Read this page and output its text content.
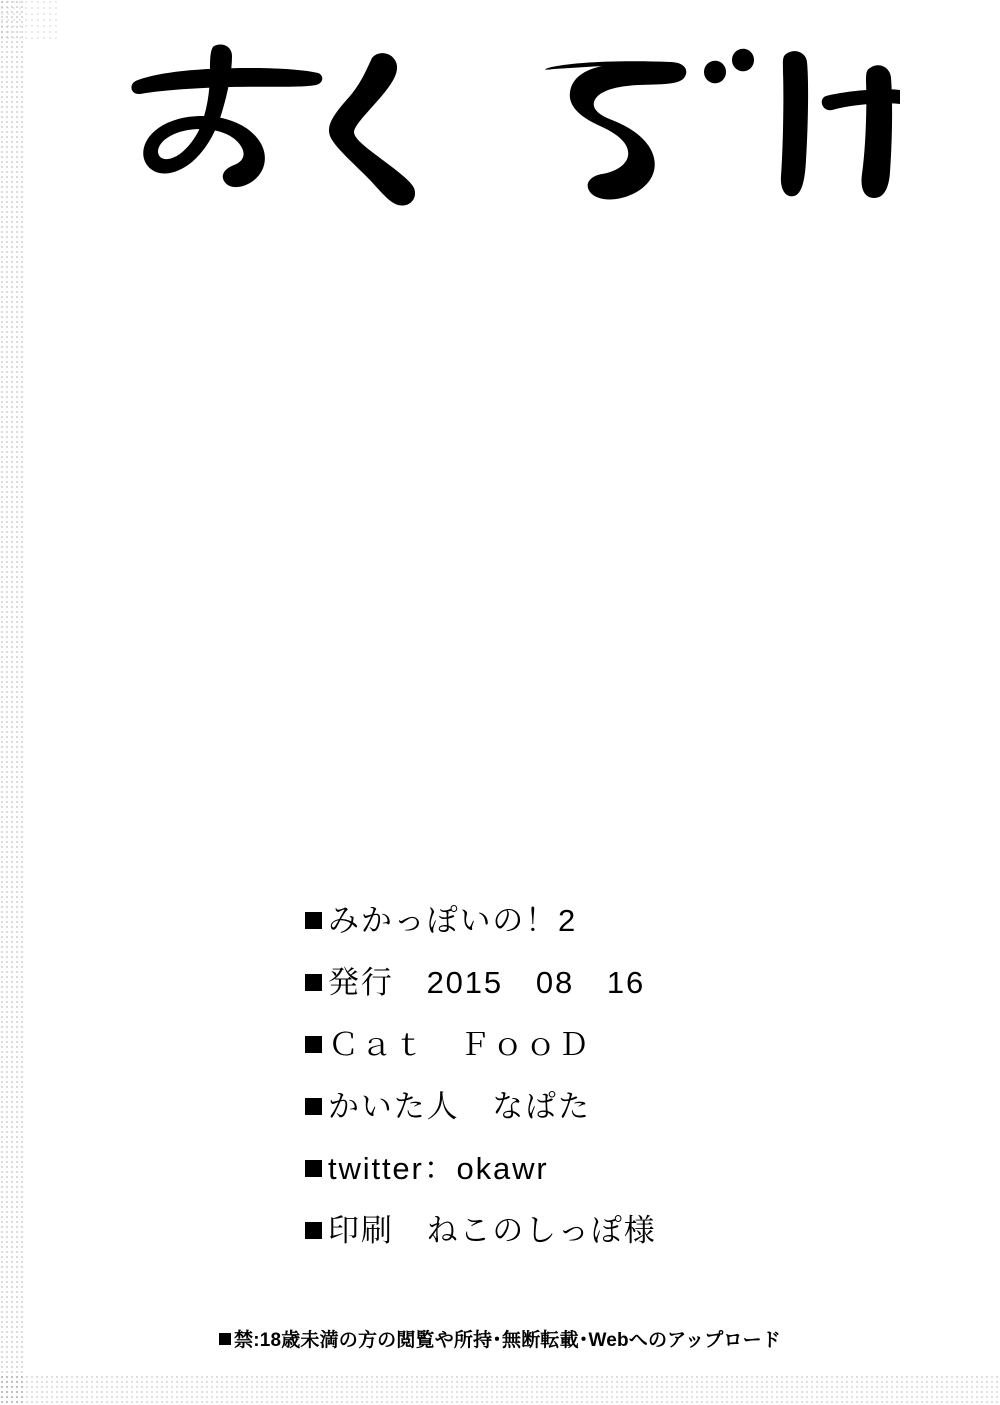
みかっぽいの！2
発行　2015　08　16
Ｃａｔ　ＦｏｏＤ
かいた人　なぱた
twitter：okawr
印刷　ねこのしっぽ様
禁:18歳未満の方の閲覧や所持･無断転載･Webへのアップロード
